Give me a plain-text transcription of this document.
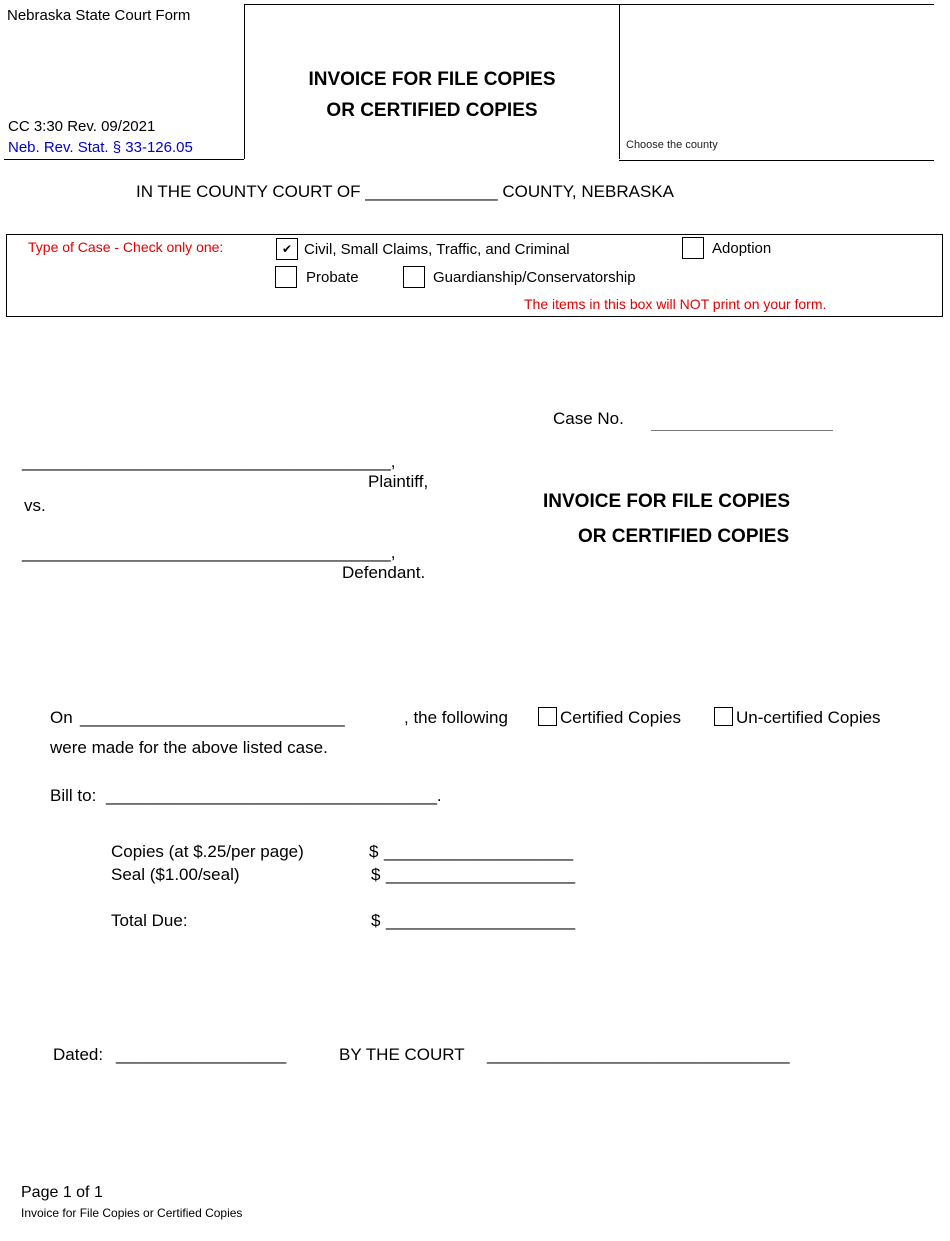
Nebraska State Court Form
CC 3:30 Rev. 09/2021
Neb. Rev. Stat. § 33-126.05
INVOICE FOR FILE COPIES
OR CERTIFIED COPIES
Choose the county
IN THE COUNTY COURT OF ______________ COUNTY, NEBRASKA
Type of Case - Check only one:	✔ Civil, Small Claims, Traffic, and Criminal	Adoption
Probate	Guardianship/Conservatorship
The items in this box will NOT print on your form.
Case No.
_______________________________________,
Plaintiff,
vs.
_______________________________________,
Defendant.
INVOICE FOR FILE COPIES
OR CERTIFIED COPIES
On ____________________________	, the following	Certified Copies	Un-certified Copies
were made for the above listed case.
Bill to: ___________________________________.
Copies (at $.25/per page)	$ ____________________
Seal ($1.00/seal)	$ ____________________
Total Due:	$ ____________________
Dated: __________________	BY THE COURT ________________________________
Page 1 of 1
Invoice for File Copies or Certified Copies
